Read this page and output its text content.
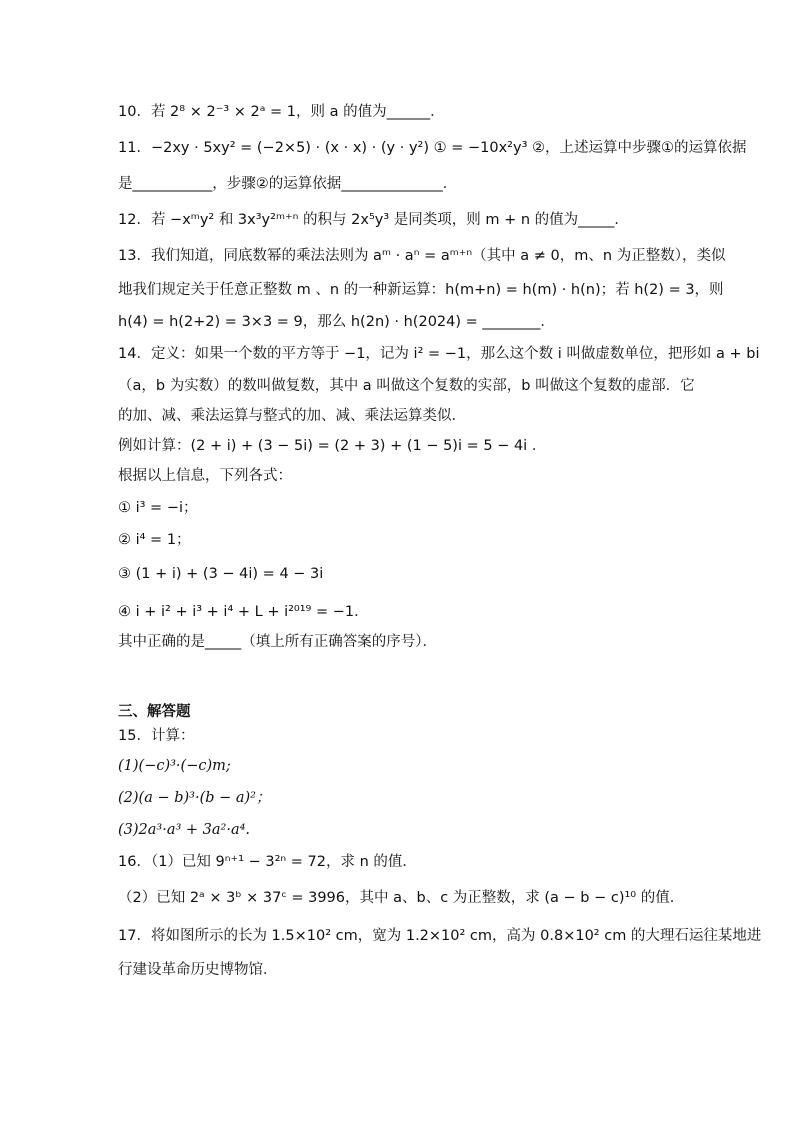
10．若 2⁸ × 2⁻³ × 2ᵃ = 1，则 a 的值为______．
11．−2xy · 5xy² = (−2×5) · (x · x) · (y · y²) ① = −10x²y³ ②，上述运算中步骤①的运算依据
是___________，步骤②的运算依据______________．
12．若 −xᵐy² 和 3x³y²ᵐ⁺ⁿ 的积与 2x⁵y³ 是同类项，则 m + n 的值为_____．
13．我们知道，同底数幂的乘法法则为 aᵐ · aⁿ = aᵐ⁺ⁿ（其中 a ≠ 0，m、n 为正整数），类似
地我们规定关于任意正整数 m 、n 的一种新运算：h(m+n) = h(m) · h(n)；若 h(2) = 3，则
h(4) = h(2+2) = 3×3 = 9，那么 h(2n) · h(2024) = ________．
14．定义：如果一个数的平方等于 −1，记为 i² = −1，那么这个数 i 叫做虚数单位，把形如 a + bi
（a，b 为实数）的数叫做复数，其中 a 叫做这个复数的实部，b 叫做这个复数的虚部．它
的加、减、乘法运算与整式的加、减、乘法运算类似．
例如计算：(2 + i) + (3 − 5i) = (2 + 3) + (1 − 5)i = 5 − 4i ．
根据以上信息，下列各式：
① i³ = −i；
② i⁴ = 1；
③ (1 + i) + (3 − 4i) = 4 − 3i
④ i + i² + i³ + i⁴ + L + i²⁰¹⁹ = −1．
其中正确的是_____（填上所有正确答案的序号）．
三、解答题
15．计算：
(1)(−c)³·(−c)m;
(2)(a − b)³·(b − a)²；
(3)2a³·a³ + 3a²·a⁴.
16．（1）已知 9ⁿ⁺¹ − 3²ⁿ = 72，求 n 的值．
（2）已知 2ᵃ × 3ᵇ × 37ᶜ = 3996，其中 a、b、c 为正整数，求 (a − b − c)¹⁰ 的值．
17．将如图所示的长为 1.5×10² cm，宽为 1.2×10² cm，高为 0.8×10² cm 的大理石运往某地进
行建设革命历史博物馆．
